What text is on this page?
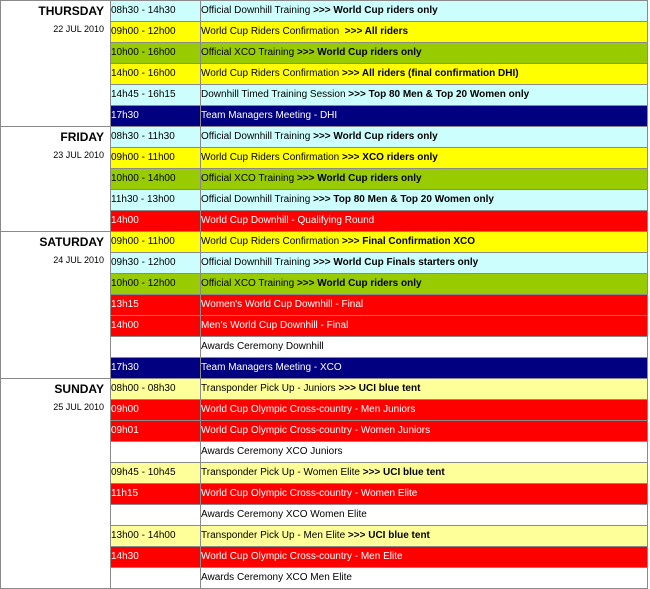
THURSDAY
22 JUL 2010	08h30 - 14h30	Official Downhill Training >>> World Cup riders only
	09h00 - 12h00	World Cup Riders Confirmation  >>> All riders
	10h00 - 16h00	Official XCO Training >>> World Cup riders only
	14h00 - 16h00	World Cup Riders Confirmation >>> All riders (final confirmation DHI)
	14h45 - 16h15	Downhill Timed Training Session >>> Top 80 Men & Top 20 Women only
	17h30	Team Managers Meeting - DHI

FRIDAY
23 JUL 2010	08h30 - 11h30	Official Downhill Training >>> World Cup riders only
	09h00 - 11h00	World Cup Riders Confirmation >>> XCO riders only
	10h00 - 14h00	Official XCO Training >>> World Cup riders only
	11h30 - 13h00	Official Downhill Training >>> Top 80 Men & Top 20 Women only
	14h00	World Cup Downhill - Qualifying Round

SATURDAY
24 JUL 2010	09h00 - 11h00	World Cup Riders Confirmation >>> Final Confirmation XCO
	09h30 - 12h00	Official Downhill Training >>> World Cup Finals starters only
	10h00 - 12h00	Official XCO Training >>> World Cup riders only
	13h15	Women's World Cup Downhill - Final
	14h00	Men's World Cup Downhill - Final
		Awards Ceremony Downhill
	17h30	Team Managers Meeting - XCO

SUNDAY
25 JUL 2010	08h00 - 08h30	Transponder Pick Up - Juniors >>> UCI blue tent
	09h00	World Cup Olympic Cross-country - Men Juniors
	09h01	World Cup Olympic Cross-country - Women Juniors
		Awards Ceremony XCO Juniors
	09h45 - 10h45	Transponder Pick Up - Women Elite >>> UCI blue tent
	11h15	World Cup Olympic Cross-country - Women Elite
		Awards Ceremony XCO Women Elite
	13h00 - 14h00	Transponder Pick Up - Men Elite >>> UCI blue tent
	14h30	World Cup Olympic Cross-country - Men Elite
		Awards Ceremony XCO Men Elite
